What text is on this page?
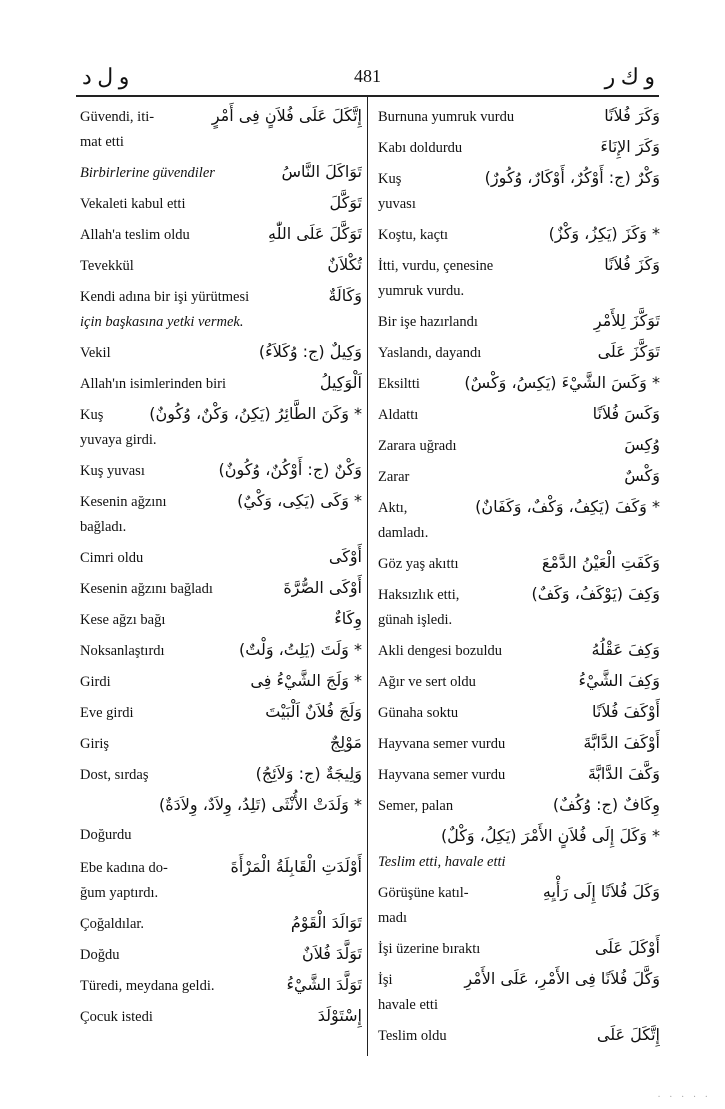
و ل د	481	و ك ر
Güvendi, iti-	إِتَّكَلَ عَلَى فُلاَنٍ فِى أَمْرٍ
mat etti
Birbirlerine güvendiler	تَوَاكَلَ النَّاسُ
Vekaleti kabul etti	تَوَكَّلَ
Allah'a teslim oldu	تَوَكَّلَ عَلَى اللّٰهِ
Tevekkül	تُكْلاَنٌ
Kendi adına bir işi yürütmesi	وَكَالَةٌ
için başkasına yetki vermek.
Vekil	وَكِيلٌ (ج: وُكَلاَءُ)
Allah'ın isimlerinden biri	اَلْوَكِيلُ
Kuş	* وَكَنَ الطَّائِرُ (يَكِنُ، وَكْنٌ، وُكُونٌ)
yuvaya girdi.
Kuş yuvası	وَكْنٌ (ج: أَوْكُنٌ، وُكُونٌ)
Kesenin ağzını	* وَكَى (يَكِى، وَكْيٌ)
bağladı.
Cimri oldu	أَوْكَى
Kesenin ağzını bağladı	أَوْكَى الصُّرَّةَ
Kese ağzı bağı	وِكَاءٌ
Noksanlaştırdı	* وَلَتَ (يَلِتُ، وَلْتٌ)
Girdi	* وَلَجَ الشَّيْءُ فِى
Eve girdi	وَلَجَ فُلاَنٌ اَلْبَيْتَ
Giriş	مَوْلِجٌ
Dost, sırdaş	وَلِيجَةٌ (ج: وَلاَئِجُ)
* وَلَدَتْ الأُنْثَى (تَلِدُ، وِلاَدٌ، وِلاَدَةٌ)
Doğurdu
Ebe kadına do-	أَوْلَدَتِ الْقَابِلَةُ الْمَرْأَةَ
ğum yaptırdı.
Çoğaldılar.	تَوَالَدَ الْقَوْمُ
Doğdu	تَوَلَّدَ فُلاَنٌ
Türedi, meydana geldi.	تَوَلَّدَ الشَّيْءُ
Çocuk istedi	إِسْتَوْلَدَ
Burnuna yumruk vurdu	وَكَرَ فُلاَنًا
Kabı doldurdu	وَكَرَ الإِنَاءَ
Kuş	وَكْرٌ (ج: أَوْكُرٌ، أَوْكَارٌ، وُكُورٌ)
yuvası
Koştu, kaçtı	* وَكَزَ (يَكِزُ، وَكْزٌ)
İtti, vurdu, çenesine	وَكَزَ فُلاَنًا
yumruk vurdu.
Bir işe hazırlandı	تَوَكَّزَ لِلأَمْرِ
Yaslandı, dayandı	تَوَكَّزَ عَلَى
Eksiltti	* وَكَسَ الشَّيْءَ (يَكِسُ، وَكْسٌ)
Aldattı	وَكَسَ فُلاَنًا
Zarara uğradı	وُكِسَ
Zarar	وَكْسٌ
Aktı,	* وَكَفَ (يَكِفُ، وَكْفٌ، وَكَفَانٌ)
damladı.
Göz yaş akıttı	وَكَفَتِ الْعَيْنُ الدَّمْعَ
Haksızlık etti,	وَكِفَ (يَوْكَفُ، وَكَفٌ)
günah işledi.
Akli dengesi bozuldu	وَكِفَ عَقْلُهُ
Ağır ve sert oldu	وَكِفَ الشَّيْءُ
Günaha soktu	أَوْكَفَ فُلاَنًا
Hayvana semer vurdu	أَوْكَفَ الدَّابَّةَ
Hayvana semer vurdu	وَكَّفَ الدَّابَّةَ
Semer, palan	وِكَافٌ (ج: وُكُفٌ)
* وَكَلَ إِلَى فُلاَنٍ الأَمْرَ (يَكِلُ، وَكْلٌ)
Teslim etti, havale etti
Görüşüne katıl-	وَكَلَ فُلاَنًا إِلَى رَأْيِهِ
madı
İşi üzerine bıraktı	أَوْكَلَ عَلَى
İşi	وَكَّلَ فُلاَنًا فِى الأَمْرِ، عَلَى الأَمْرِ
havale etti
Teslim oldu	إِتَّكَلَ عَلَى
· · · · ·
